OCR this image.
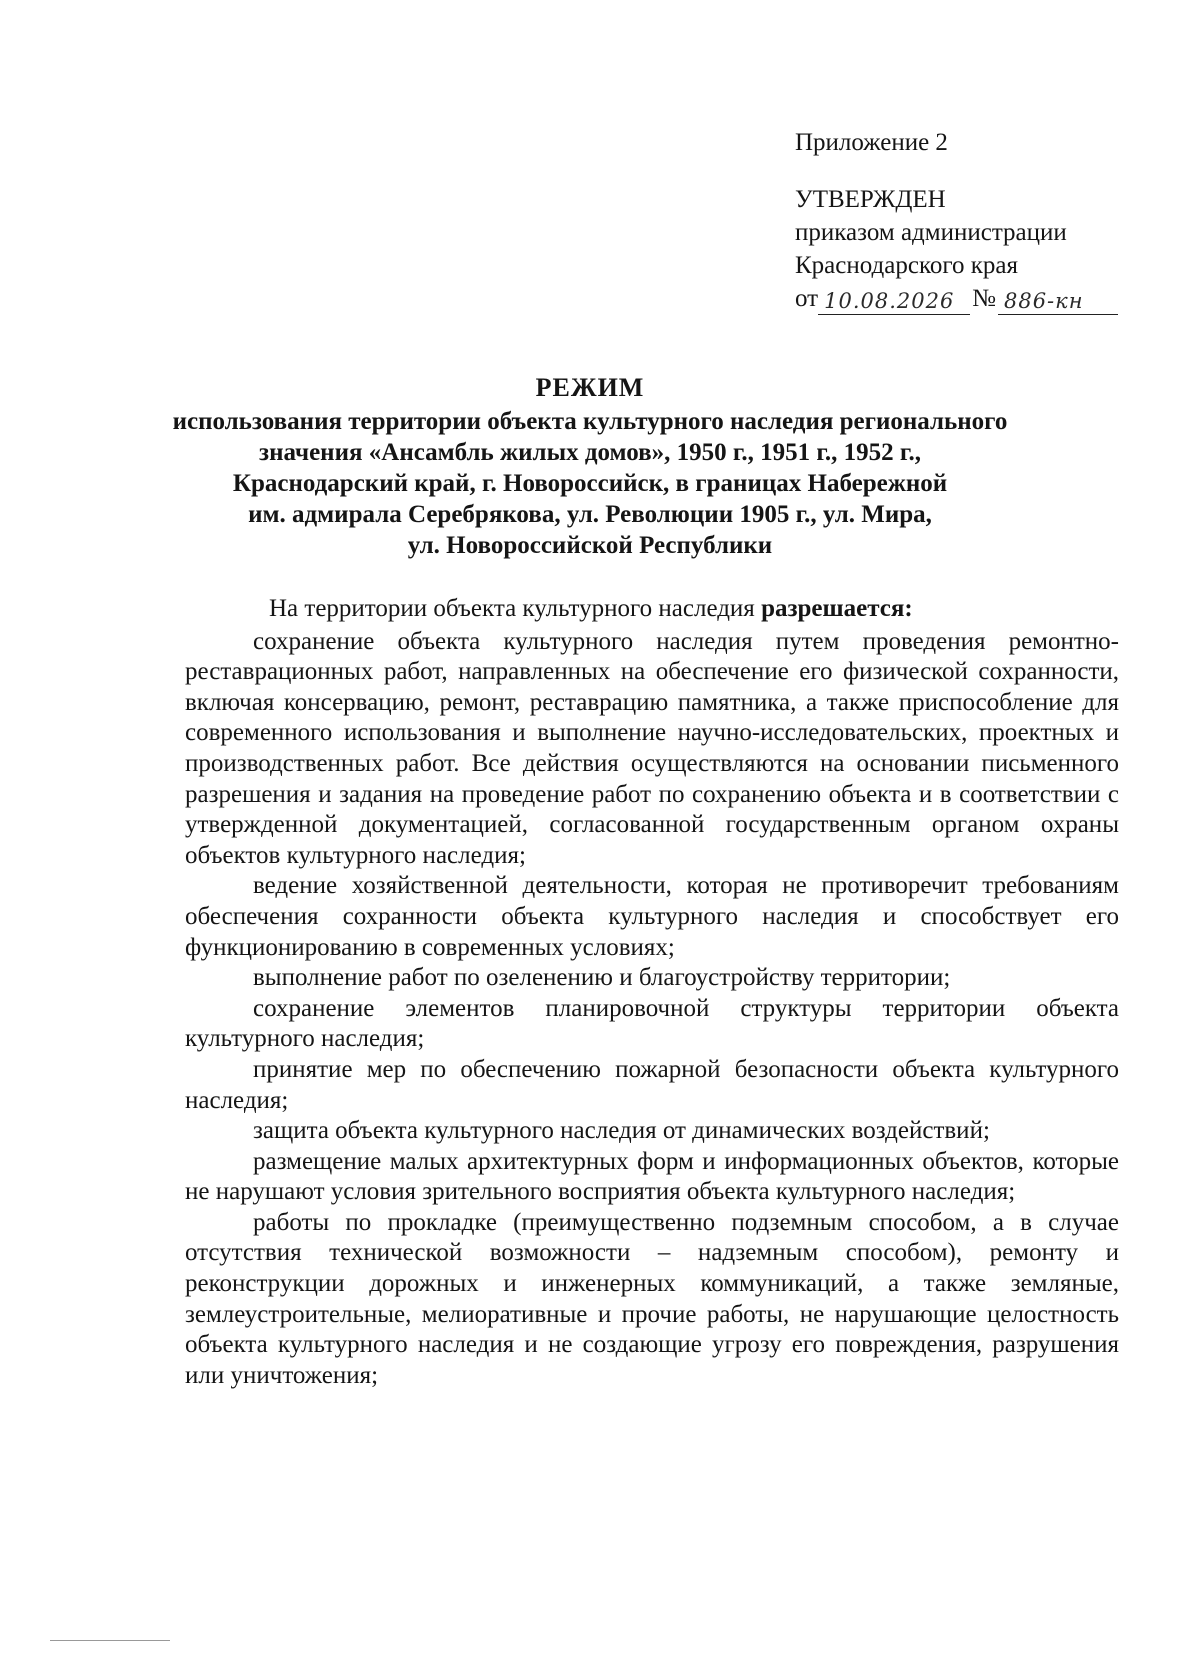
Приложение 2
УТВЕРЖДЕН
приказом администрации
Краснодарского края
от 10.08.2026 № 886-кн
РЕЖИМ
использования территории объекта культурного наследия регионального
значения «Ансамбль жилых домов», 1950 г., 1951 г., 1952 г.,
Краснодарский край, г. Новороссийск, в границах Набережной
им. адмирала Серебрякова, ул. Революции 1905 г., ул. Мира,
ул. Новороссийской Республики

На территории объекта культурного наследия разрешается:

сохранение объекта культурного наследия путем проведения ремонтно-реставрационных работ, направленных на обеспечение его физической сохранности, включая консервацию, ремонт, реставрацию памятника, а также приспособление для современного использования и выполнение научно-исследовательских, проектных и производственных работ. Все действия осуществляются на основании письменного разрешения и задания на проведение работ по сохранению объекта и в соответствии с утвержденной документацией, согласованной государственным органом охраны объектов культурного наследия;

ведение хозяйственной деятельности, которая не противоречит требованиям обеспечения сохранности объекта культурного наследия и способствует его функционированию в современных условиях;

выполнение работ по озеленению и благоустройству территории;

сохранение элементов планировочной структуры территории объекта культурного наследия;

принятие мер по обеспечению пожарной безопасности объекта культурного наследия;

защита объекта культурного наследия от динамических воздействий;

размещение малых архитектурных форм и информационных объектов, которые не нарушают условия зрительного восприятия объекта культурного наследия;

работы по прокладке (преимущественно подземным способом, а в случае отсутствия технической возможности – надземным способом), ремонту и реконструкции дорожных и инженерных коммуникаций, а также земляные, землеустроительные, мелиоративные и прочие работы, не нарушающие целостность объекта культурного наследия и не создающие угрозу его повреждения, разрушения или уничтожения;
